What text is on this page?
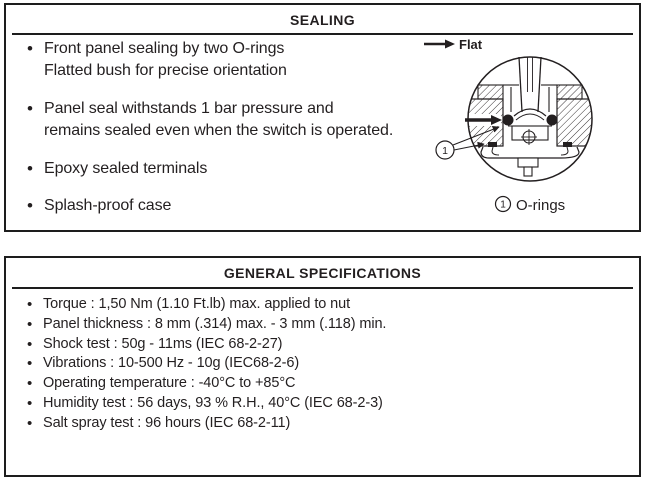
SEALING
• Front panel sealing by two O-rings
Flatted bush for precise orientation
• Panel seal withstands 1 bar pressure and
remains sealed even when the switch is operated.
• Epoxy sealed terminals
• Splash-proof case
Flat
1
1 O-rings
GENERAL SPECIFICATIONS
• Torque : 1,50 Nm (1.10 Ft.lb) max. applied to nut
• Panel thickness : 8 mm (.314) max. - 3 mm (.118) min.
• Shock test : 50g - 11ms (IEC 68-2-27)
• Vibrations : 10-500 Hz - 10g (IEC68-2-6)
• Operating temperature : -40°C to +85°C
• Humidity test : 56 days, 93 % R.H., 40°C (IEC 68-2-3)
• Salt spray test : 96 hours (IEC 68-2-11)
